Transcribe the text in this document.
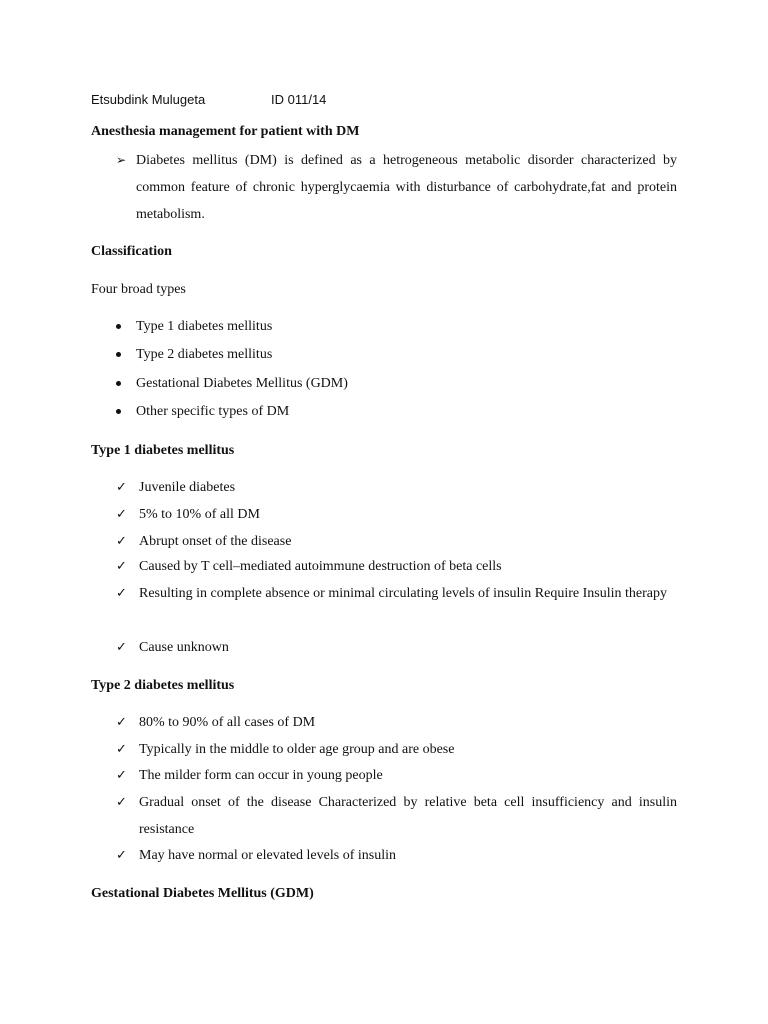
Etsubdink Mulugeta	ID 011/14
Anesthesia management for patient with DM
➢ Diabetes mellitus (DM) is defined as a hetrogeneous metabolic disorder characterized by common feature of chronic hyperglycaemia with disturbance of carbohydrate,fat and protein metabolism.
Classification
Four broad types
Type 1 diabetes mellitus
Type 2 diabetes mellitus
Gestational Diabetes Mellitus (GDM)
Other specific types of DM
Type 1 diabetes mellitus
✓ Juvenile diabetes
✓ 5% to 10% of all DM
✓ Abrupt onset of the disease
✓ Caused by T cell–mediated autoimmune destruction of beta cells
✓ Resulting in complete absence or minimal circulating levels of insulin Require Insulin therapy
✓ Cause unknown
Type 2 diabetes mellitus
✓ 80% to 90% of all cases of DM
✓ Typically in the middle to older age group and are obese
✓ The milder form can occur in young people
✓ Gradual onset of the disease Characterized by relative beta cell insufficiency and insulin resistance
✓ May have normal or elevated levels of insulin
Gestational Diabetes Mellitus (GDM)
